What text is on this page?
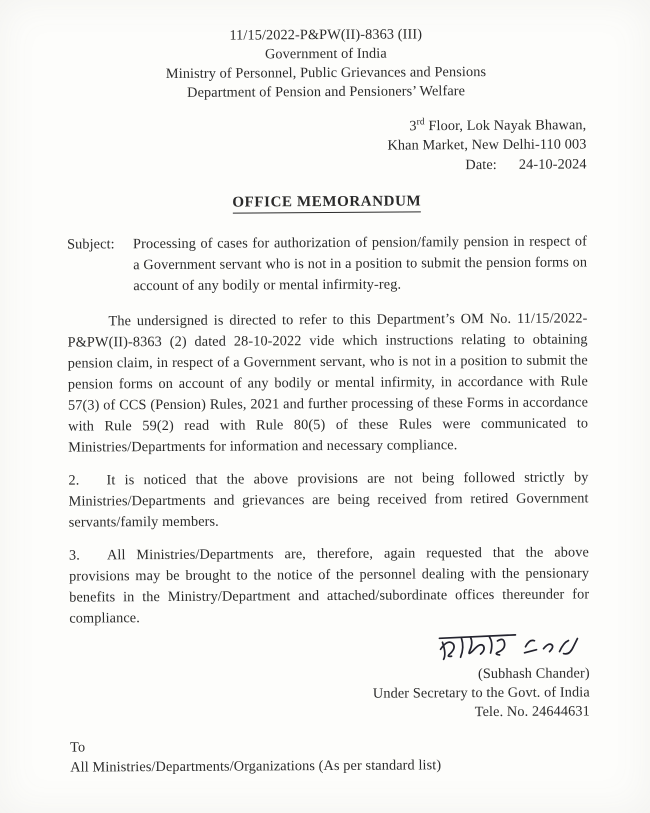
11/15/2022-P&PW(II)-8363 (III)
Government of India
Ministry of Personnel, Public Grievances and Pensions
Department of Pension and Pensioners’ Welfare
3rd Floor, Lok Nayak Bhawan,
Khan Market, New Delhi-110 003
Date: 24-10-2024
OFFICE MEMORANDUM
Subject:	Processing of cases for authorization of pension/family pension in respect of a Government servant who is not in a position to submit the pension forms on account of any bodily or mental infirmity-reg.

The undersigned is directed to refer to this Department’s OM No. 11/15/2022-P&PW(II)-8363 (2) dated 28-10-2022 vide which instructions relating to obtaining pension claim, in respect of a Government servant, who is not in a position to submit the pension forms on account of any bodily or mental infirmity, in accordance with Rule 57(3) of CCS (Pension) Rules, 2021 and further processing of these Forms in accordance with Rule 59(2) read with Rule 80(5) of these Rules were communicated to Ministries/Departments for information and necessary compliance.

2. It is noticed that the above provisions are not being followed strictly by Ministries/Departments and grievances are being received from retired Government servants/family members.

3. All Ministries/Departments are, therefore, again requested that the above provisions may be brought to the notice of the personnel dealing with the pensionary benefits in the Ministry/Department and attached/subordinate offices thereunder for compliance.

(Subhash Chander)
Under Secretary to the Govt. of India
Tele. No. 24644631
To
All Ministries/Departments/Organizations (As per standard list)
